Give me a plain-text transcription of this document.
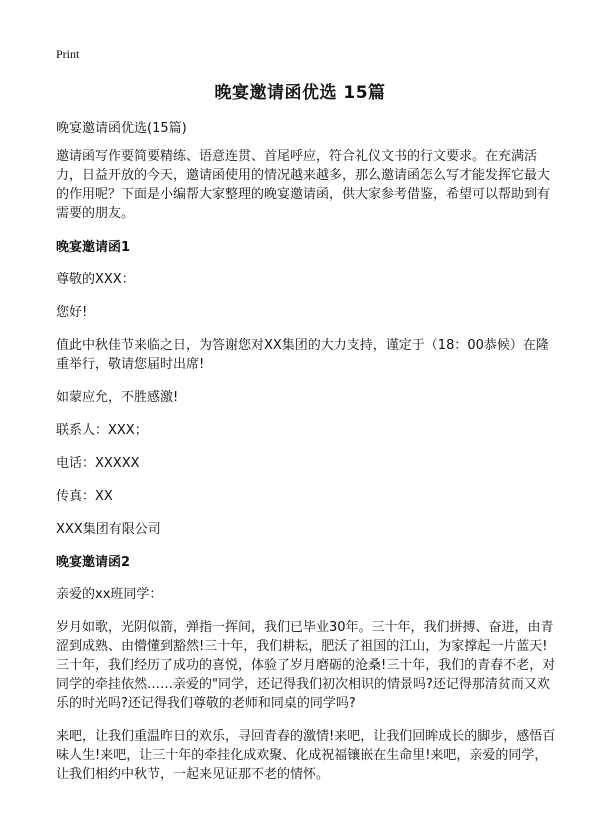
Print
晚宴邀请函优选 15篇

晚宴邀请函优选(15篇)

邀请函写作要简要精练、语意连贯、首尾呼应，符合礼仪文书的行文要求。在充满活力，日益开放的今天，邀请函使用的情况越来越多，那么邀请函怎么写才能发挥它最大的作用呢？下面是小编帮大家整理的晚宴邀请函，供大家参考借鉴，希望可以帮助到有需要的朋友。

晚宴邀请函1

尊敬的XXX：

您好!

值此中秋佳节来临之日，为答谢您对XX集团的大力支持，谨定于（18：00恭候）在隆重举行，敬请您届时出席!

如蒙应允，不胜感激!

联系人：XXX；

电话：XXXXX

传真：XX

XXX集团有限公司

晚宴邀请函2

亲爱的xx班同学：

岁月如歌，光阴似箭，弹指一挥间，我们已毕业30年。三十年，我们拼搏、奋进，由青涩到成熟、由懵懂到豁然!三十年，我们耕耘，肥沃了祖国的江山，为家撑起一片蓝天!三十年，我们经历了成功的喜悦，体验了岁月磨砺的沧桑!三十年，我们的青春不老，对同学的牵挂依然……亲爱的"同学，还记得我们初次相识的情景吗?还记得那清贫而又欢乐的时光吗?还记得我们尊敬的老师和同桌的同学吗?

来吧，让我们重温昨日的欢乐，寻回青春的激情!来吧，让我们回眸成长的脚步，感悟百味人生!来吧，让三十年的牵挂化成欢聚、化成祝福镶嵌在生命里!来吧，亲爱的同学，让我们相约中秋节，一起来见证那不老的情怀。
